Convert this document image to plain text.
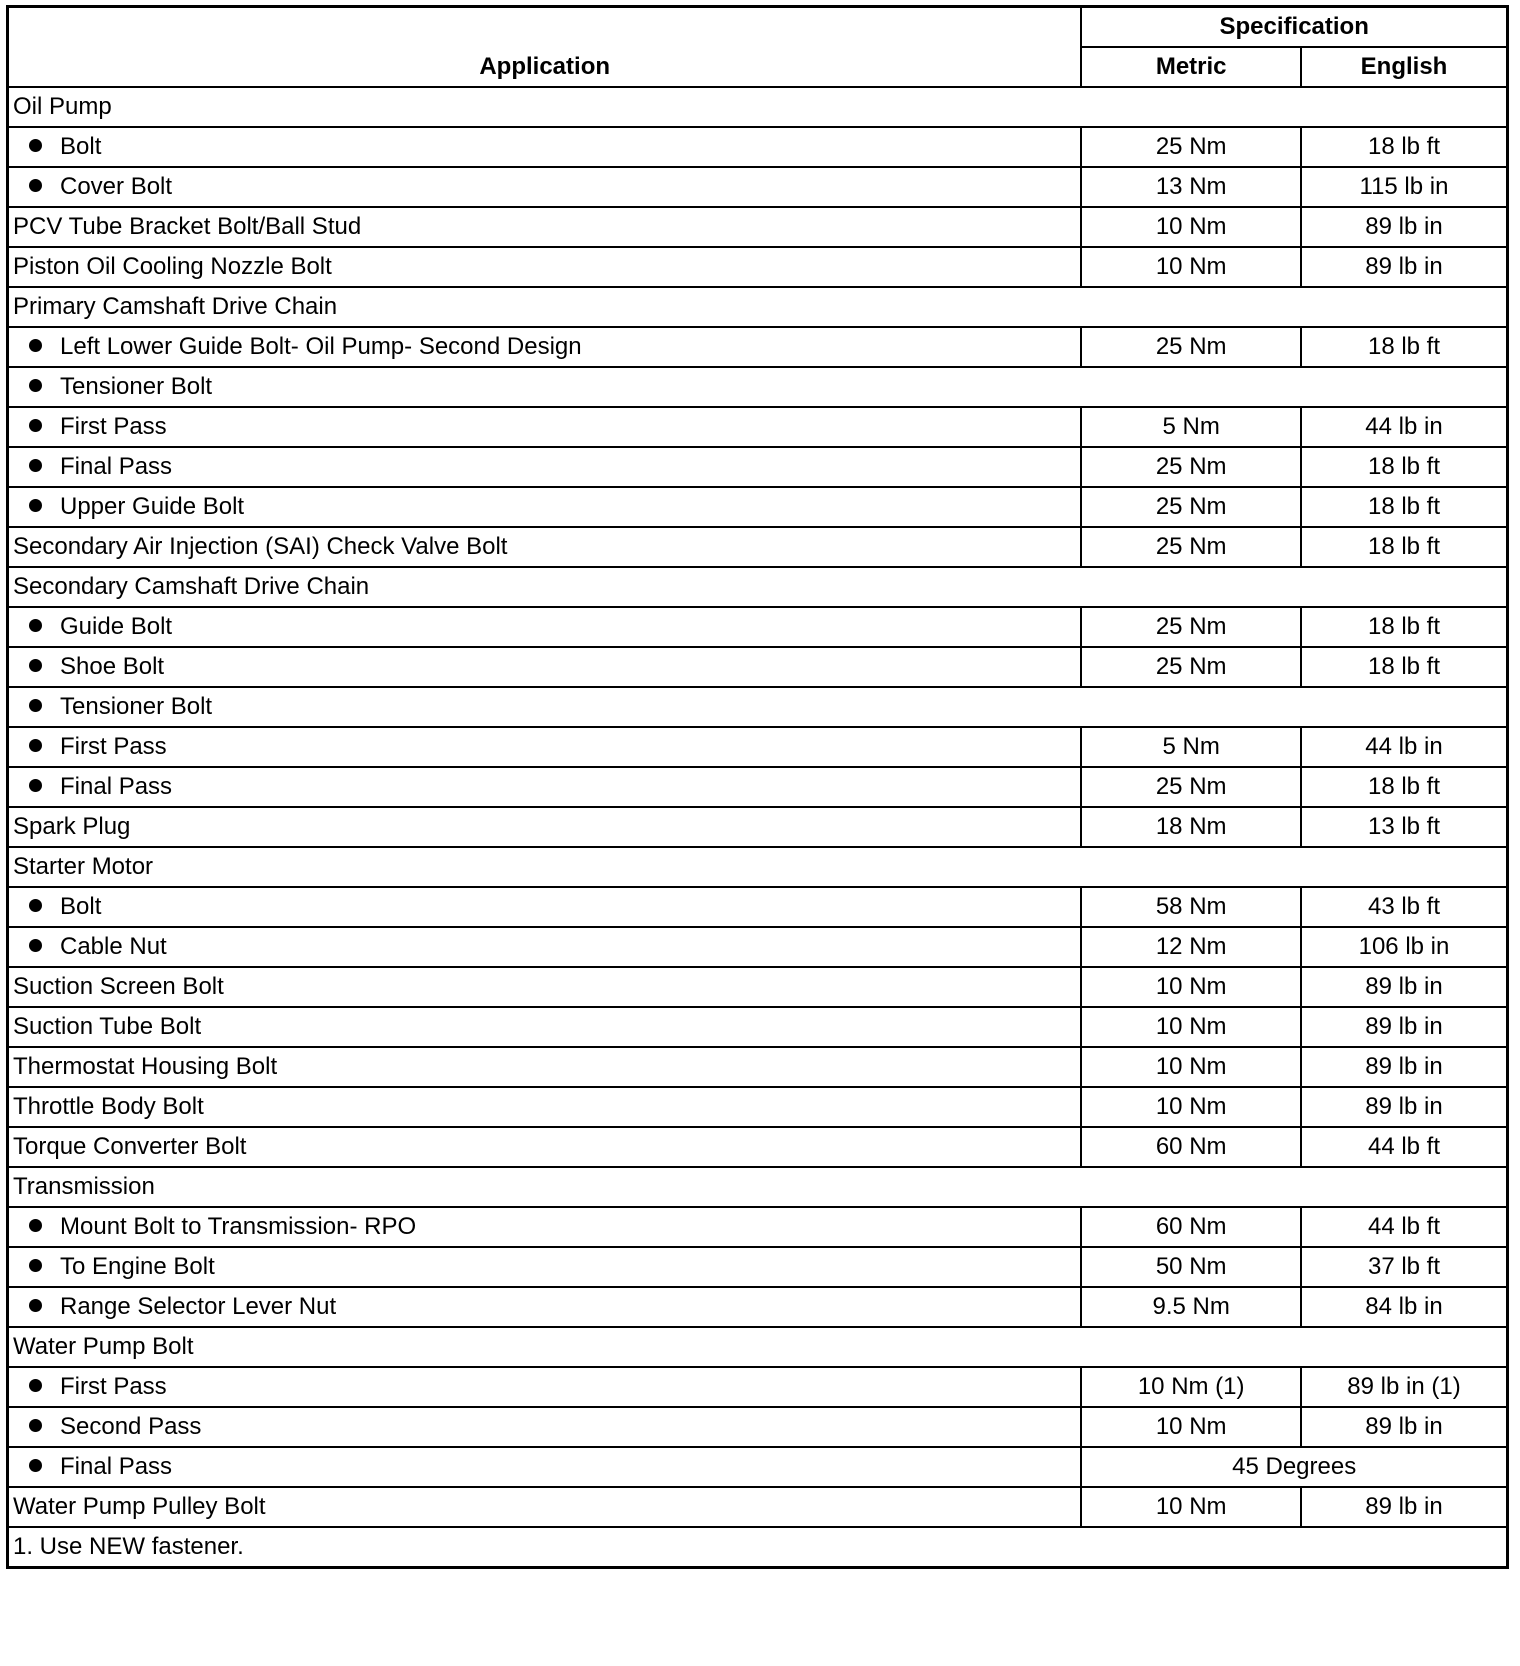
Application	Specification	
	Metric	English
Oil Pump		
Bolt	25 Nm	18 lb ft
Cover Bolt	13 Nm	115 lb in
PCV Tube Bracket Bolt/Ball Stud	10 Nm	89 lb in
Piston Oil Cooling Nozzle Bolt	10 Nm	89 lb in
Primary Camshaft Drive Chain		
Left Lower Guide Bolt- Oil Pump- Second Design	25 Nm	18 lb ft
Tensioner Bolt		
First Pass	5 Nm	44 lb in
Final Pass	25 Nm	18 lb ft
Upper Guide Bolt	25 Nm	18 lb ft
Secondary Air Injection (SAI) Check Valve Bolt	25 Nm	18 lb ft
Secondary Camshaft Drive Chain		
Guide Bolt	25 Nm	18 lb ft
Shoe Bolt	25 Nm	18 lb ft
Tensioner Bolt		
First Pass	5 Nm	44 lb in
Final Pass	25 Nm	18 lb ft
Spark Plug	18 Nm	13 lb ft
Starter Motor		
Bolt	58 Nm	43 lb ft
Cable Nut	12 Nm	106 lb in
Suction Screen Bolt	10 Nm	89 lb in
Suction Tube Bolt	10 Nm	89 lb in
Thermostat Housing Bolt	10 Nm	89 lb in
Throttle Body Bolt	10 Nm	89 lb in
Torque Converter Bolt	60 Nm	44 lb ft
Transmission		
Mount Bolt to Transmission- RPO	60 Nm	44 lb ft
To Engine Bolt	50 Nm	37 lb ft
Range Selector Lever Nut	9.5 Nm	84 lb in
Water Pump Bolt		
First Pass	10 Nm (1)	89 lb in (1)
Second Pass	10 Nm	89 lb in
Final Pass	45 Degrees	
Water Pump Pulley Bolt	10 Nm	89 lb in
1. Use NEW fastener.		
